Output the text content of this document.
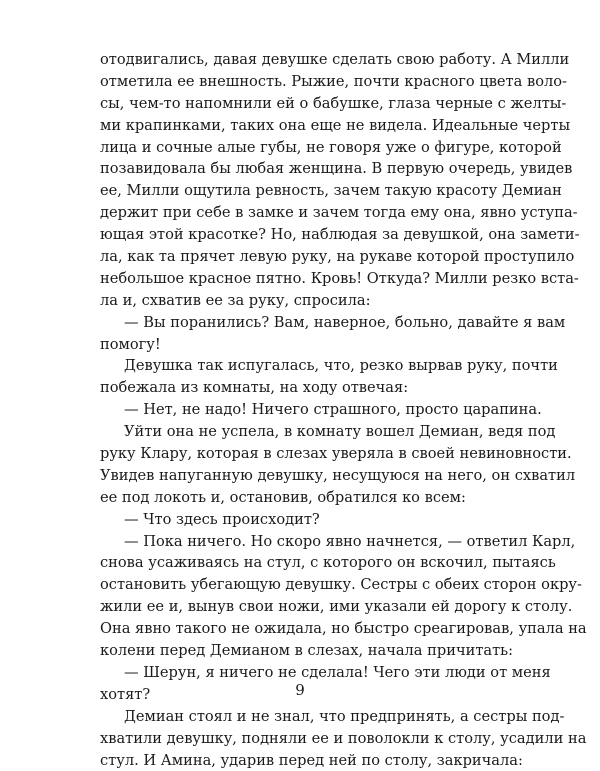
отодвигались, давая девушке сделать свою работу. А Милли
отметила ее внешность. Рыжие, почти красного цвета воло-
сы, чем-то напомнили ей о бабушке, глаза черные с желты-
ми крапинками, таких она еще не видела. Идеальные черты
лица и сочные алые губы, не говоря уже о фигуре, которой
позавидовала бы любая женщина. В первую очередь, увидев
ее, Милли ощутила ревность, зачем такую красоту Демиан
держит при себе в замке и зачем тогда ему она, явно уступа-
ющая этой красотке? Но, наблюдая за девушкой, она замети-
ла, как та прячет левую руку, на рукаве которой проступило
небольшое красное пятно. Кровь! Откуда? Милли резко вста-
ла и, схватив ее за руку, спросила:
— Вы поранились? Вам, наверное, больно, давайте я вам
помогу!
Девушка так испугалась, что, резко вырвав руку, почти
побежала из комнаты, на ходу отвечая:
— Нет, не надо! Ничего страшного, просто царапина.
Уйти она не успела, в комнату вошел Демиан, ведя под
руку Клару, которая в слезах уверяла в своей невиновности.
Увидев напуганную девушку, несущуюся на него, он схватил
ее под локоть и, остановив, обратился ко всем:
— Что здесь происходит?
— Пока ничего. Но скоро явно начнется, — ответил Карл,
снова усаживаясь на стул, с которого он вскочил, пытаясь
остановить убегающую девушку. Сестры с обеих сторон окру-
жили ее и, вынув свои ножи, ими указали ей дорогу к столу.
Она явно такого не ожидала, но быстро среагировав, упала на
колени перед Демианом в слезах, начала причитать:
— Шерун, я ничего не сделала! Чего эти люди от меня
хотят?
Демиан стоял и не знал, что предпринять, а сестры под-
хватили девушку, подняли ее и поволокли к столу, усадили на
стул. И Амина, ударив перед ней по столу, закричала:
9
